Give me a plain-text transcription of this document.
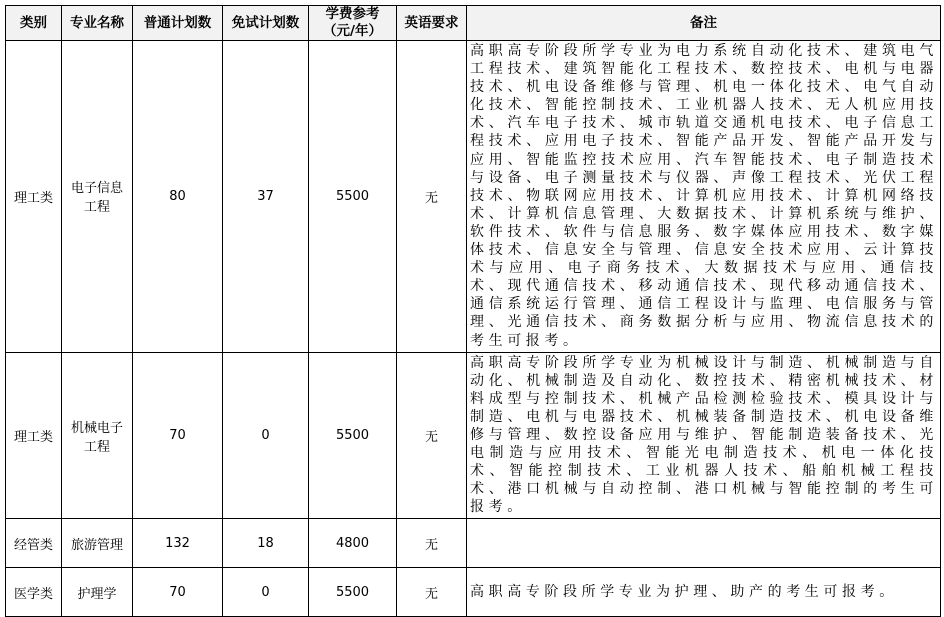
类别	专业名称	普通计划数	免试计划数	学费参考（元/年）	英语要求	备注
理工类	电子信息工程	80	37	5500	无	高职高专阶段所学专业为电力系统自动化技术、建筑电气工程技术、建筑智能化工程技术、数控技术、电机与电器技术、机电设备维修与管理、机电一体化技术、电气自动化技术、智能控制技术、工业机器人技术、无人机应用技术、汽车电子技术、城市轨道交通机电技术、电子信息工程技术、应用电子技术、智能产品开发、智能产品开发与应用、智能监控技术应用、汽车智能技术、电子制造技术与设备、电子测量技术与仪器、声像工程技术、光伏工程技术、物联网应用技术、计算机应用技术、计算机网络技术、计算机信息管理、大数据技术、计算机系统与维护、软件技术、软件与信息服务、数字媒体应用技术、数字媒体技术、信息安全与管理、信息安全技术应用、云计算技术与应用、电子商务技术、大数据技术与应用、通信技术、现代通信技术、移动通信技术、现代移动通信技术、通信系统运行管理、通信工程设计与监理、电信服务与管理、光通信技术、商务数据分析与应用、物流信息技术的考生可报考。
理工类	机械电子工程	70	0	5500	无	高职高专阶段所学专业为机械设计与制造、机械制造与自动化、机械制造及自动化、数控技术、精密机械技术、材料成型与控制技术、机械产品检测检验技术、模具设计与制造、电机与电器技术、机械装备制造技术、机电设备维修与管理、数控设备应用与维护、智能制造装备技术、光电制造与应用技术、智能光电制造技术、机电一体化技术、智能控制技术、工业机器人技术、船舶机械工程技术、港口机械与自动控制、港口机械与智能控制的考生可报考。
经管类	旅游管理	132	18	4800	无	
医学类	护理学	70	0	5500	无	高职高专阶段所学专业为护理、助产的考生可报考。
